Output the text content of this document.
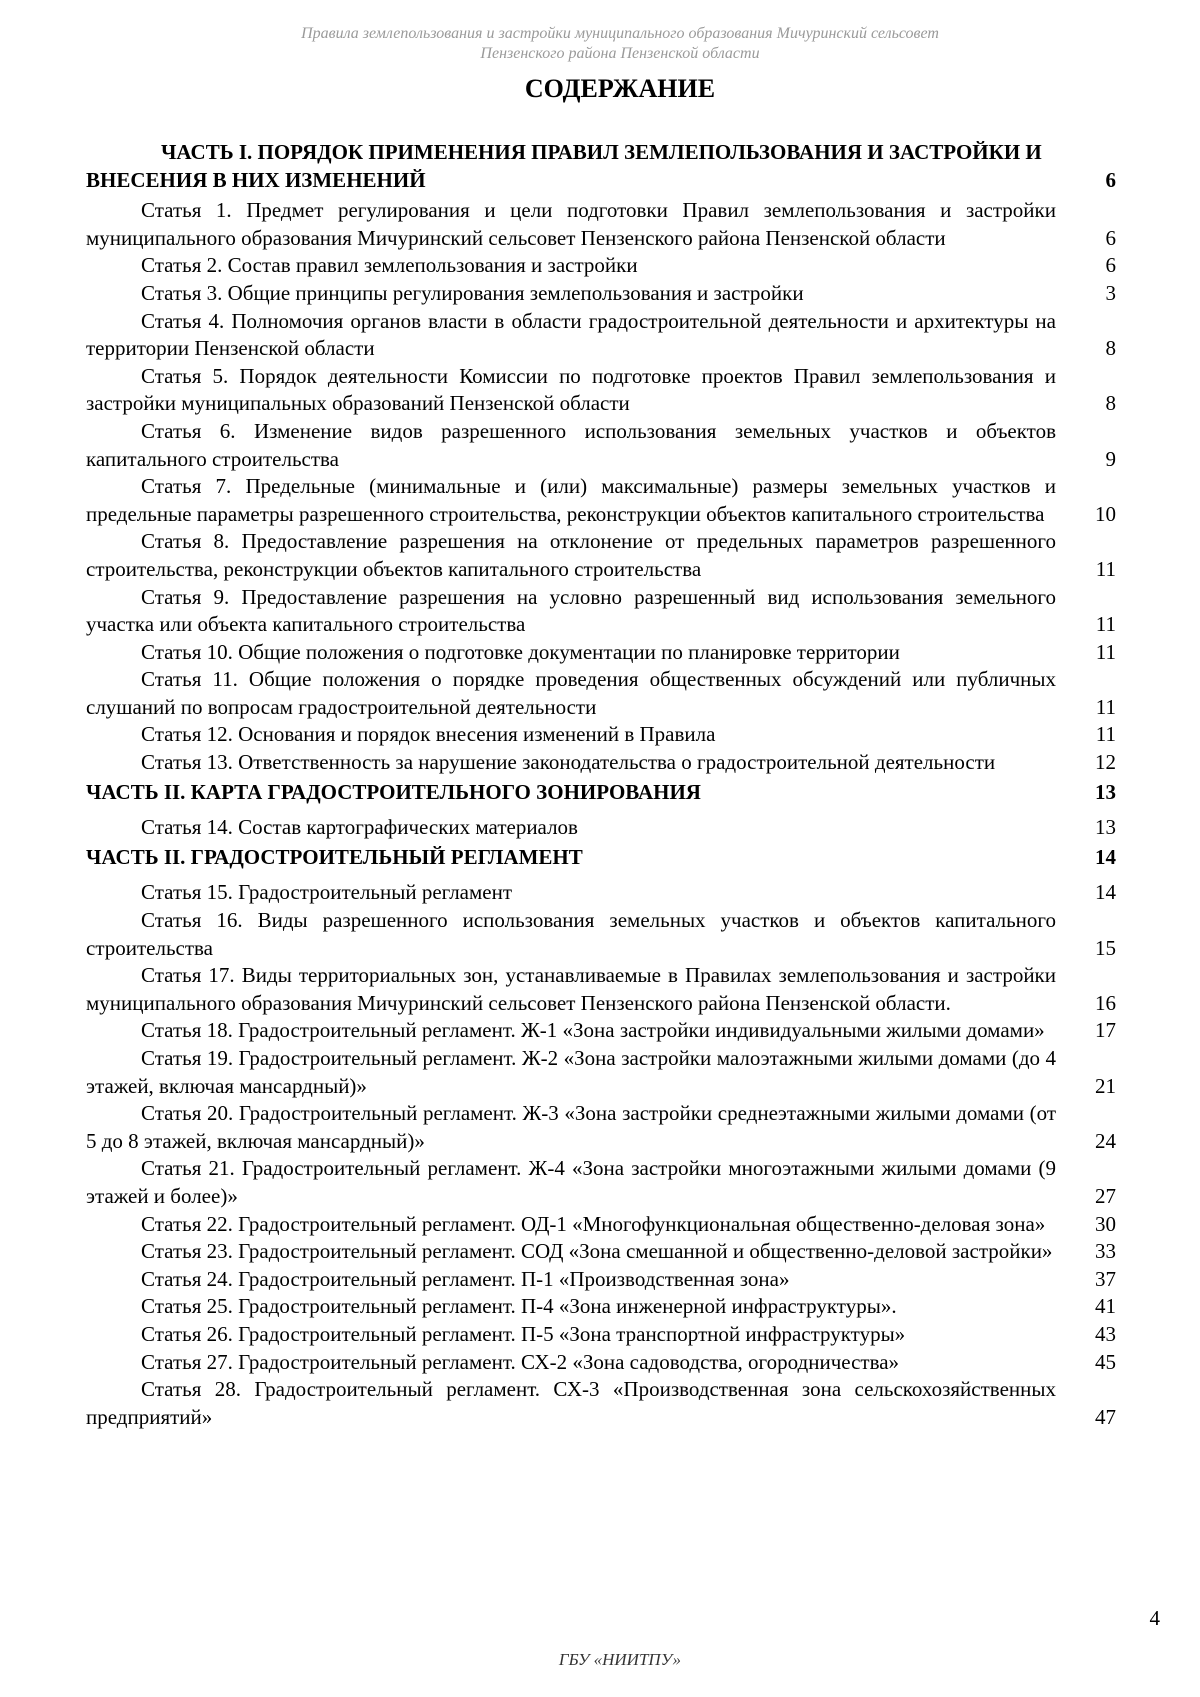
Правила землепользования и застройки муниципального образования Мичуринский сельсовет
Пензенского района Пензенской области
СОДЕРЖАНИЕ
ЧАСТЬ I. ПОРЯДОК ПРИМЕНЕНИЯ ПРАВИЛ ЗЕМЛЕПОЛЬЗОВАНИЯ И ЗАСТРОЙКИ И ВНЕСЕНИЯ В НИХ ИЗМЕНЕНИЙ	6
Статья 1. Предмет регулирования и цели подготовки Правил землепользования и застройки муниципального образования Мичуринский сельсовет Пензенского района Пензенской области	6
Статья 2. Состав правил землепользования и застройки	6
Статья 3. Общие принципы регулирования землепользования и застройки	3
Статья 4. Полномочия органов власти в области градостроительной деятельности и архитектуры на территории Пензенской области	8
Статья 5. Порядок деятельности Комиссии по подготовке проектов Правил землепользования и застройки муниципальных образований Пензенской области	8
Статья 6. Изменение видов разрешенного использования земельных участков и объектов капитального строительства	9
Статья 7. Предельные (минимальные и (или) максимальные) размеры земельных участков и предельные параметры разрешенного строительства, реконструкции объектов капитального строительства	10
Статья 8. Предоставление разрешения на отклонение от предельных параметров разрешенного строительства, реконструкции объектов капитального строительства	11
Статья 9. Предоставление разрешения на условно разрешенный вид использования земельного участка или объекта капитального строительства	11
Статья 10. Общие положения о подготовке документации по планировке территории	11
Статья 11. Общие положения о порядке проведения общественных обсуждений или публичных слушаний по вопросам градостроительной деятельности	11
Статья 12. Основания и порядок внесения изменений в Правила	11
Статья 13. Ответственность за нарушение законодательства о градостроительной деятельности	12
ЧАСТЬ II. КАРТА ГРАДОСТРОИТЕЛЬНОГО ЗОНИРОВАНИЯ	13
Статья 14. Состав картографических материалов	13
ЧАСТЬ II. ГРАДОСТРОИТЕЛЬНЫЙ РЕГЛАМЕНТ	14
Статья 15. Градостроительный регламент	14
Статья 16. Виды разрешенного использования земельных участков и объектов капитального строительства	15
Статья 17. Виды территориальных зон, устанавливаемые в Правилах землепользования и застройки муниципального образования Мичуринский сельсовет Пензенского района Пензенской области.	16
Статья 18. Градостроительный регламент. Ж-1 «Зона застройки индивидуальными жилыми домами»	17
Статья 19. Градостроительный регламент. Ж-2 «Зона застройки малоэтажными жилыми домами (до 4 этажей, включая мансардный)»	21
Статья 20. Градостроительный регламент. Ж-3 «Зона застройки среднеэтажными жилыми домами (от 5 до 8 этажей, включая мансардный)»	24
Статья 21. Градостроительный регламент. Ж-4 «Зона застройки многоэтажными жилыми домами (9 этажей и более)»	27
Статья 22. Градостроительный регламент. ОД-1 «Многофункциональная общественно-деловая зона»	30
Статья 23. Градостроительный регламент. СОД «Зона смешанной и общественно-деловой застройки»	33
Статья 24. Градостроительный регламент. П-1 «Производственная зона»	37
Статья 25. Градостроительный регламент. П-4 «Зона инженерной инфраструктуры».	41
Статья 26. Градостроительный регламент. П-5 «Зона транспортной инфраструктуры»	43
Статья 27. Градостроительный регламент. СХ-2 «Зона садоводства, огородничества»	45
Статья 28. Градостроительный регламент. СХ-3 «Производственная зона сельскохозяйственных предприятий»	47
4
ГБУ «НИИТПУ»
